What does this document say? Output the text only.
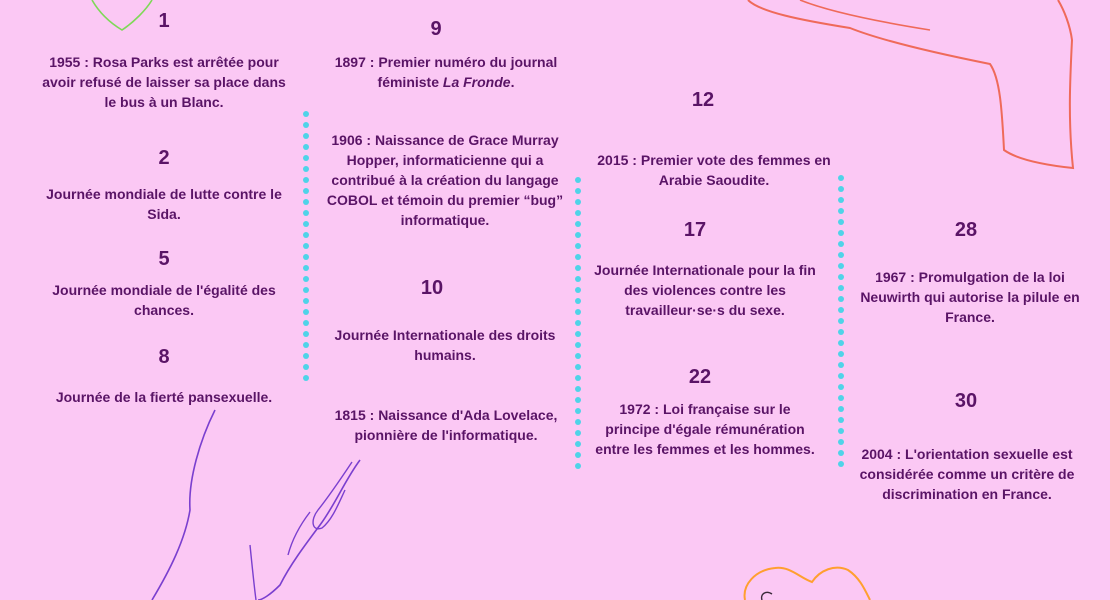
1
1955 : Rosa Parks est arrêtée pour avoir refusé de laisser sa place dans le bus à un Blanc.
2
Journée mondiale de lutte contre le Sida.
5
Journée mondiale de l'égalité des chances.
8
Journée de la fierté pansexuelle.
9
1897 : Premier numéro du journal féministe La Fronde.
1906 : Naissance de Grace Murray Hopper, informaticienne qui a contribué à la création du langage COBOL et témoin du premier “bug” informatique.
10
Journée Internationale des droits humains.
1815 : Naissance d'Ada Lovelace, pionnière de l'informatique.
12
2015 : Premier vote des femmes en Arabie Saoudite.
17
Journée Internationale pour la fin des violences contre les travailleur·se·s du sexe.
22
1972 : Loi française sur le principe d'égale rémunération entre les femmes et les hommes.
28
1967 : Promulgation de la loi Neuwirth qui autorise la pilule en France.
30
2004 : L'orientation sexuelle est considérée comme un critère de discrimination en France.
